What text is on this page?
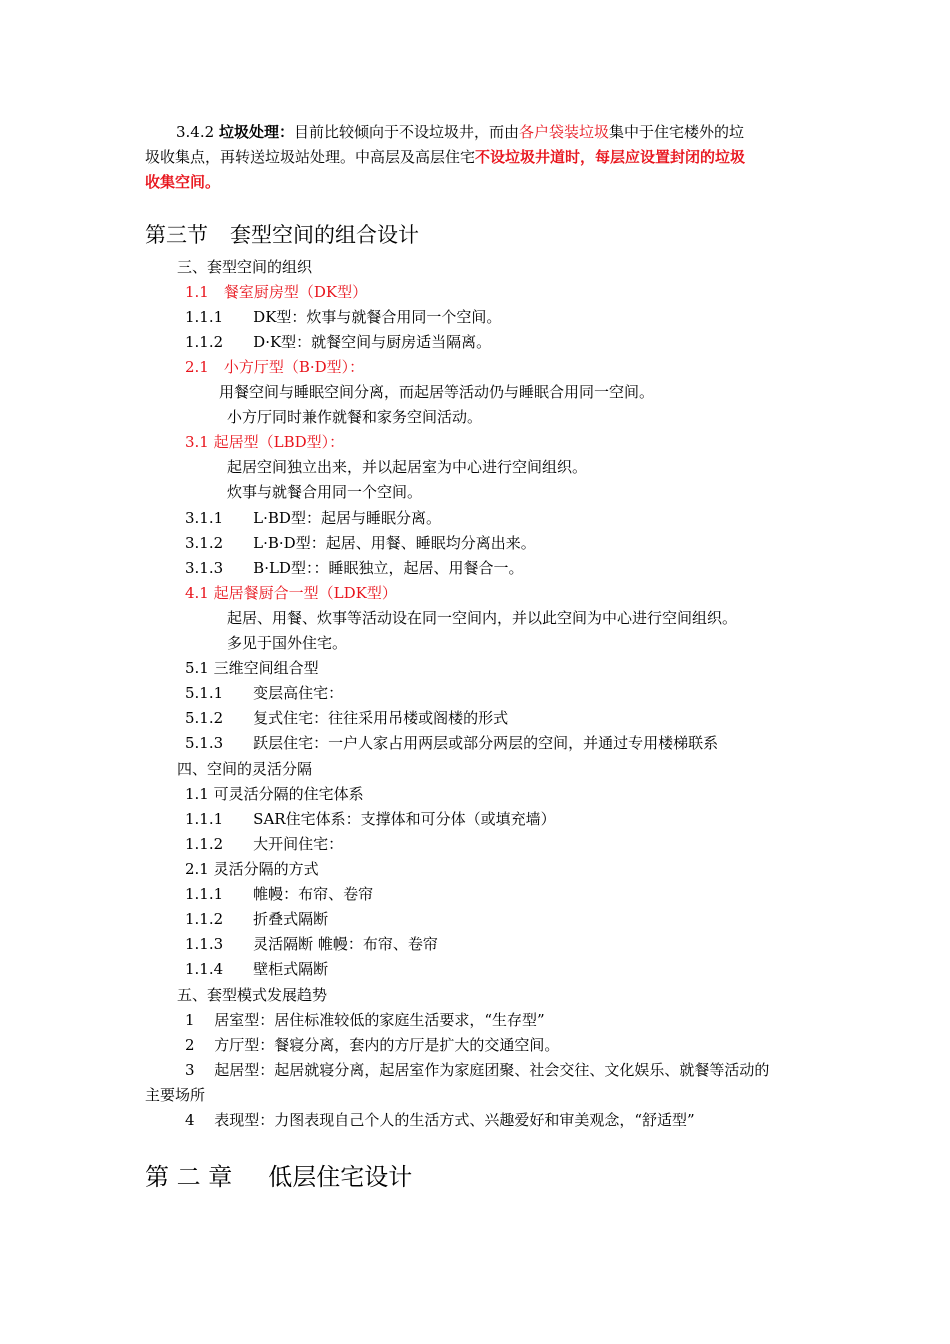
3.4.2 垃圾处理：目前比较倾向于不设垃圾井，而由各户袋装垃圾集中于住宅楼外的垃
圾收集点，再转送垃圾站处理。中高层及高层住宅不设垃圾井道时，每层应设置封闭的垃圾
收集空间。
第三节 套型空间的组合设计
三、套型空间的组织
1.1　餐室厨房型（DK型）
1.1.1　　DK型：炊事与就餐合用同一个空间。
1.1.2　　D·K型：就餐空间与厨房适当隔离。
2.1　小方厅型（B·D型）：
用餐空间与睡眠空间分离，而起居等活动仍与睡眠合用同一空间。
小方厅同时兼作就餐和家务空间活动。
3.1 起居型（LBD型）：
起居空间独立出来，并以起居室为中心进行空间组织。
炊事与就餐合用同一个空间。
3.1.1　　L·BD型：起居与睡眠分离。
3.1.2　　L·B·D型：起居、用餐、睡眠均分离出来。
3.1.3　　B·LD型：：睡眠独立，起居、用餐合一。
4.1 起居餐厨合一型（LDK型）
起居、用餐、炊事等活动设在同一空间内，并以此空间为中心进行空间组织。
多见于国外住宅。
5.1 三维空间组合型
5.1.1　　变层高住宅：
5.1.2　　复式住宅：往往采用吊楼或阁楼的形式
5.1.3　　跃层住宅：一户人家占用两层或部分两层的空间，并通过专用楼梯联系
四、空间的灵活分隔
1.1 可灵活分隔的住宅体系
1.1.1　　SAR住宅体系：支撑体和可分体（或填充墙）
1.1.2　　大开间住宅：
2.1 灵活分隔的方式
1.1.1　　帷幔：布帘、卷帘
1.1.2　　折叠式隔断
1.1.3　　灵活隔断 帷幔：布帘、卷帘
1.1.4　　壁柜式隔断
五、套型模式发展趋势
1　 居室型：居住标准较低的家庭生活要求，“生存型”
2　 方厅型：餐寝分离，套内的方厅是扩大的交通空间。
3　 起居型：起居就寝分离，起居室作为家庭团聚、社会交往、文化娱乐、就餐等活动的
主要场所
4　 表现型：力图表现自己个人的生活方式、兴趣爱好和审美观念，“舒适型”
第 二 章 低层住宅设计
